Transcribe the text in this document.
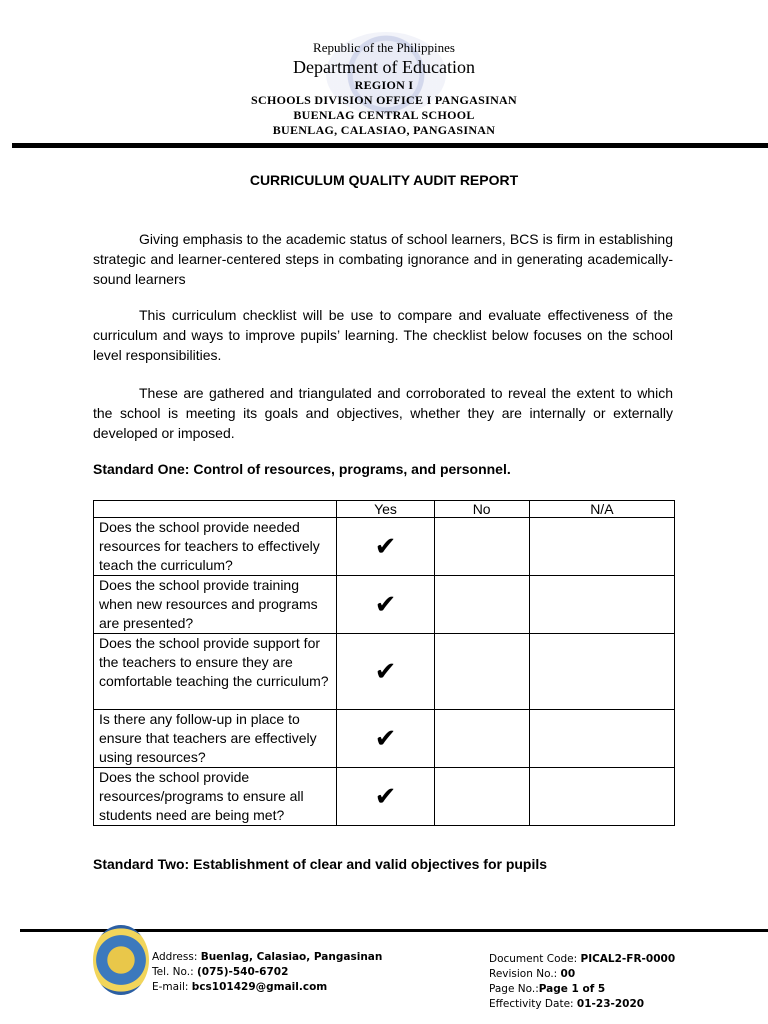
Republic of the Philippines
Department of Education
REGION I
SCHOOLS DIVISION OFFICE I PANGASINAN
BUENLAG CENTRAL SCHOOL
BUENLAG, CALASIAO, PANGASINAN
CURRICULUM QUALITY AUDIT REPORT

Giving emphasis to the academic status of school learners, BCS is firm in establishing strategic and learner-centered steps in combating ignorance and in generating academically-sound learners

This curriculum checklist will be use to compare and evaluate effectiveness of the curriculum and ways to improve pupils’ learning. The checklist below focuses on the school level responsibilities.

These are gathered and triangulated and corroborated to reveal the extent to which the school is meeting its goals and objectives, whether they are internally or externally developed or imposed.

Standard One: Control of resources, programs, and personnel.
	Yes	No	N/A
Does the school provide needed resources for teachers to effectively teach the curriculum?	✔		
Does the school provide training when new resources and programs are presented?	✔		
Does the school provide support for the teachers to ensure they are comfortable teaching the curriculum?	✔		
Is there any follow-up in place to ensure that teachers are effectively using resources?	✔		
Does the school provide resources/programs to ensure all students need are being met?	✔		
Standard Two: Establishment of clear and valid objectives for pupils
Address: Buenlag, Calasiao, Pangasinan
Tel. No.: (075)-540-6702
E-mail: bcs101429@gmail.com
Document Code: PICAL2-FR-0000
Revision No.: 00
Page No.:Page 1 of 5
Effectivity Date: 01-23-2020
